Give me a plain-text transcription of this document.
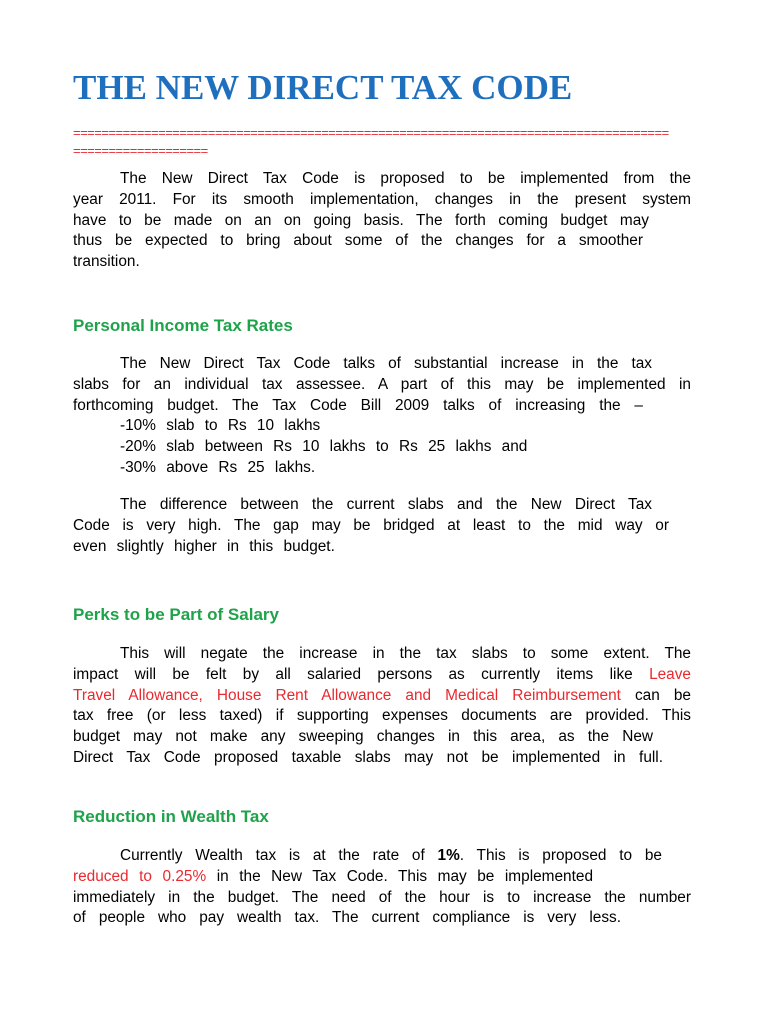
THE NEW DIRECT TAX CODE
====================================================================================
===================
The New Direct Tax Code is proposed to be implemented from the
year 2011. For its smooth implementation, changes in the present system
have to be made on an on going basis. The forth coming budget may
thus be expected to bring about some of the changes for a smoother
transition.
Personal Income Tax Rates
The New Direct Tax Code talks of substantial increase in the tax
slabs for an individual tax assessee. A part of this may be implemented in
forthcoming budget. The Tax Code Bill 2009 talks of increasing the –
-10% slab to Rs 10 lakhs
-20% slab between Rs 10 lakhs to Rs 25 lakhs and
-30% above Rs 25 lakhs.
The difference between the current slabs and the New Direct Tax
Code is very high. The gap may be bridged at least to the mid way or
even slightly higher in this budget.
Perks to be Part of Salary
This will negate the increase in the tax slabs to some extent. The
impact will be felt by all salaried persons as currently items like Leave
Travel Allowance, House Rent Allowance and Medical Reimbursement can be
tax free (or less taxed) if supporting expenses documents are provided. This
budget may not make any sweeping changes in this area, as the New
Direct Tax Code proposed taxable slabs may not be implemented in full.
Reduction in Wealth Tax
Currently Wealth tax is at the rate of 1%. This is proposed to be
reduced to 0.25% in the New Tax Code. This may be implemented
immediately in the budget. The need of the hour is to increase the number
of people who pay wealth tax. The current compliance is very less.
